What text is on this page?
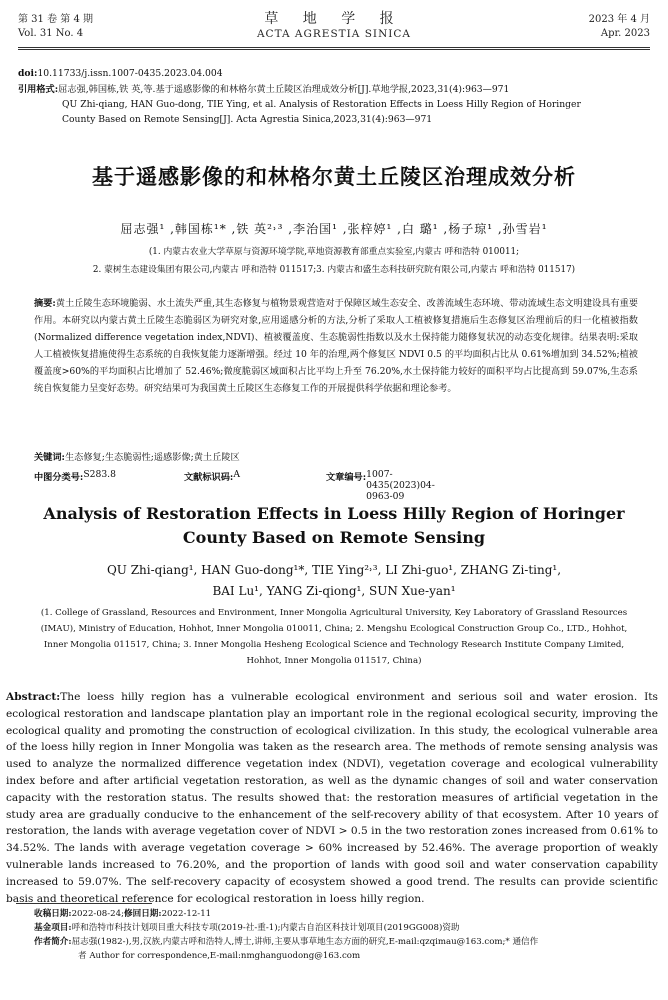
第 31 卷 第 4 期	草 地 学 报	2023 年 4 月
Vol. 31 No. 4	ACTA AGRESTIA SINICA	Apr. 2023
doi:10.11733/j.issn.1007-0435.2023.04.004
引用格式:屈志强,韩国栋,铁 英,等.基于遥感影像的和林格尔黄土丘陵区治理成效分析[J].草地学报,2023,31(4):963—971
QU Zhi-qiang, HAN Guo-dong, TIE Ying, et al. Analysis of Restoration Effects in Loess Hilly Region of Horinger
County Based on Remote Sensing[J]. Acta Agrestia Sinica,2023,31(4):963—971
基于遥感影像的和林格尔黄土丘陵区治理成效分析
屈志强¹ ,韩国栋¹* ,铁 英²˒³ ,李治国¹ ,张梓婷¹ ,白 璐¹ ,杨子琼¹ ,孙雪岩¹
(1. 内蒙古农业大学草原与资源环境学院,草地资源教育部重点实验室,内蒙古 呼和浩特 010011;
2. 蒙树生态建设集团有限公司,内蒙古 呼和浩特 011517;3. 内蒙古和盛生态科技研究院有限公司,内蒙古 呼和浩特 011517)
摘要:黄土丘陵生态环境脆弱、水土流失严重,其生态修复与植物景观营造对于保障区域生态安全、改善流域生态环境、带动流域生态文明建设具有重要作用。本研究以内蒙古黄土丘陵生态脆弱区为研究对象,应用遥感分析的方法,分析了采取人工植被修复措施后生态修复区治理前后的归一化植被指数(Normalized difference vegetation index,NDVI)、植被覆盖度、生态脆弱性指数以及水土保持能力随修复状况的动态变化规律。结果表明:采取人工植被恢复措施使得生态系统的自我恢复能力逐渐增强。经过 10 年的治理,两个修复区 NDVI 0.5 的平均面积占比从 0.61%增加到 34.52%;植被覆盖度>60%的平均面积占比增加了 52.46%;微度脆弱区域面积占比平均上升至 76.20%,水土保持能力较好的面积平均占比提高到 59.07%,生态系统自恢复能力呈变好态势。研究结果可为我国黄土丘陵区生态修复工作的开展提供科学依据和理论参考。
关键词:生态修复;生态脆弱性;遥感影像;黄土丘陵区
中图分类号: S283.8	文献标识码: A	文章编号: 1007-0435(2023)04-0963-09
Analysis of Restoration Effects in Loess Hilly Region of Horinger
County Based on Remote Sensing
QU Zhi-qiang¹, HAN Guo-dong¹*, TIE Ying²˒³, LI Zhi-guo¹, ZHANG Zi-ting¹,
BAI Lu¹, YANG Zi-qiong¹, SUN Xue-yan¹
(1. College of Grassland, Resources and Environment, Inner Mongolia Agricultural University, Key Laboratory of Grassland Resources
(IMAU), Ministry of Education, Hohhot, Inner Mongolia 010011, China; 2. Mengshu Ecological Construction Group Co., LTD., Hohhot,
Inner Mongolia 011517, China; 3. Inner Mongolia Hesheng Ecological Science and Technology Research Institute Company Limited,
Hohhot, Inner Mongolia 011517, China)
Abstract:The loess hilly region has a vulnerable ecological environment and serious soil and water erosion. Its ecological restoration and landscape plantation play an important role in the regional ecological security, improving the ecological quality and promoting the construction of ecological civilization. In this study, the ecological vulnerable area of the loess hilly region in Inner Mongolia was taken as the research area. The methods of remote sensing analysis was used to analyze the normalized difference vegetation index (NDVI), vegetation coverage and ecological vulnerability index before and after artificial vegetation restoration, as well as the dynamic changes of soil and water conservation capacity with the restoration status. The results showed that: the restoration measures of artificial vegetation in the study area are gradually conducive to the enhancement of the self-recovery ability of that ecosystem. After 10 years of restoration, the lands with average vegetation cover of NDVI > 0.5 in the two restoration zones increased from 0.61% to 34.52%. The lands with average vegetation coverage > 60% increased by 52.46%. The average proportion of weakly vulnerable lands increased to 76.20%, and the proportion of lands with good soil and water conservation capability increased to 59.07%. The self-recovery capacity of ecosystem showed a good trend. The results can provide scientific basis and theoretical reference for ecological restoration in loess hilly region.
收稿日期:2022-08-24;修回日期:2022-12-11
基金项目:呼和浩特市科技计划项目重大科技专项(2019-社-重-1);内蒙古自治区科技计划项目(2019GG008)资助
作者简介:屈志强(1982-),男,汉族,内蒙古呼和浩特人,博士,讲师,主要从事草地生态方面的研究,E-mail:qzqimau@163.com;* 通信作
者 Author for correspondence,E-mail:nmghanguodong@163.com
